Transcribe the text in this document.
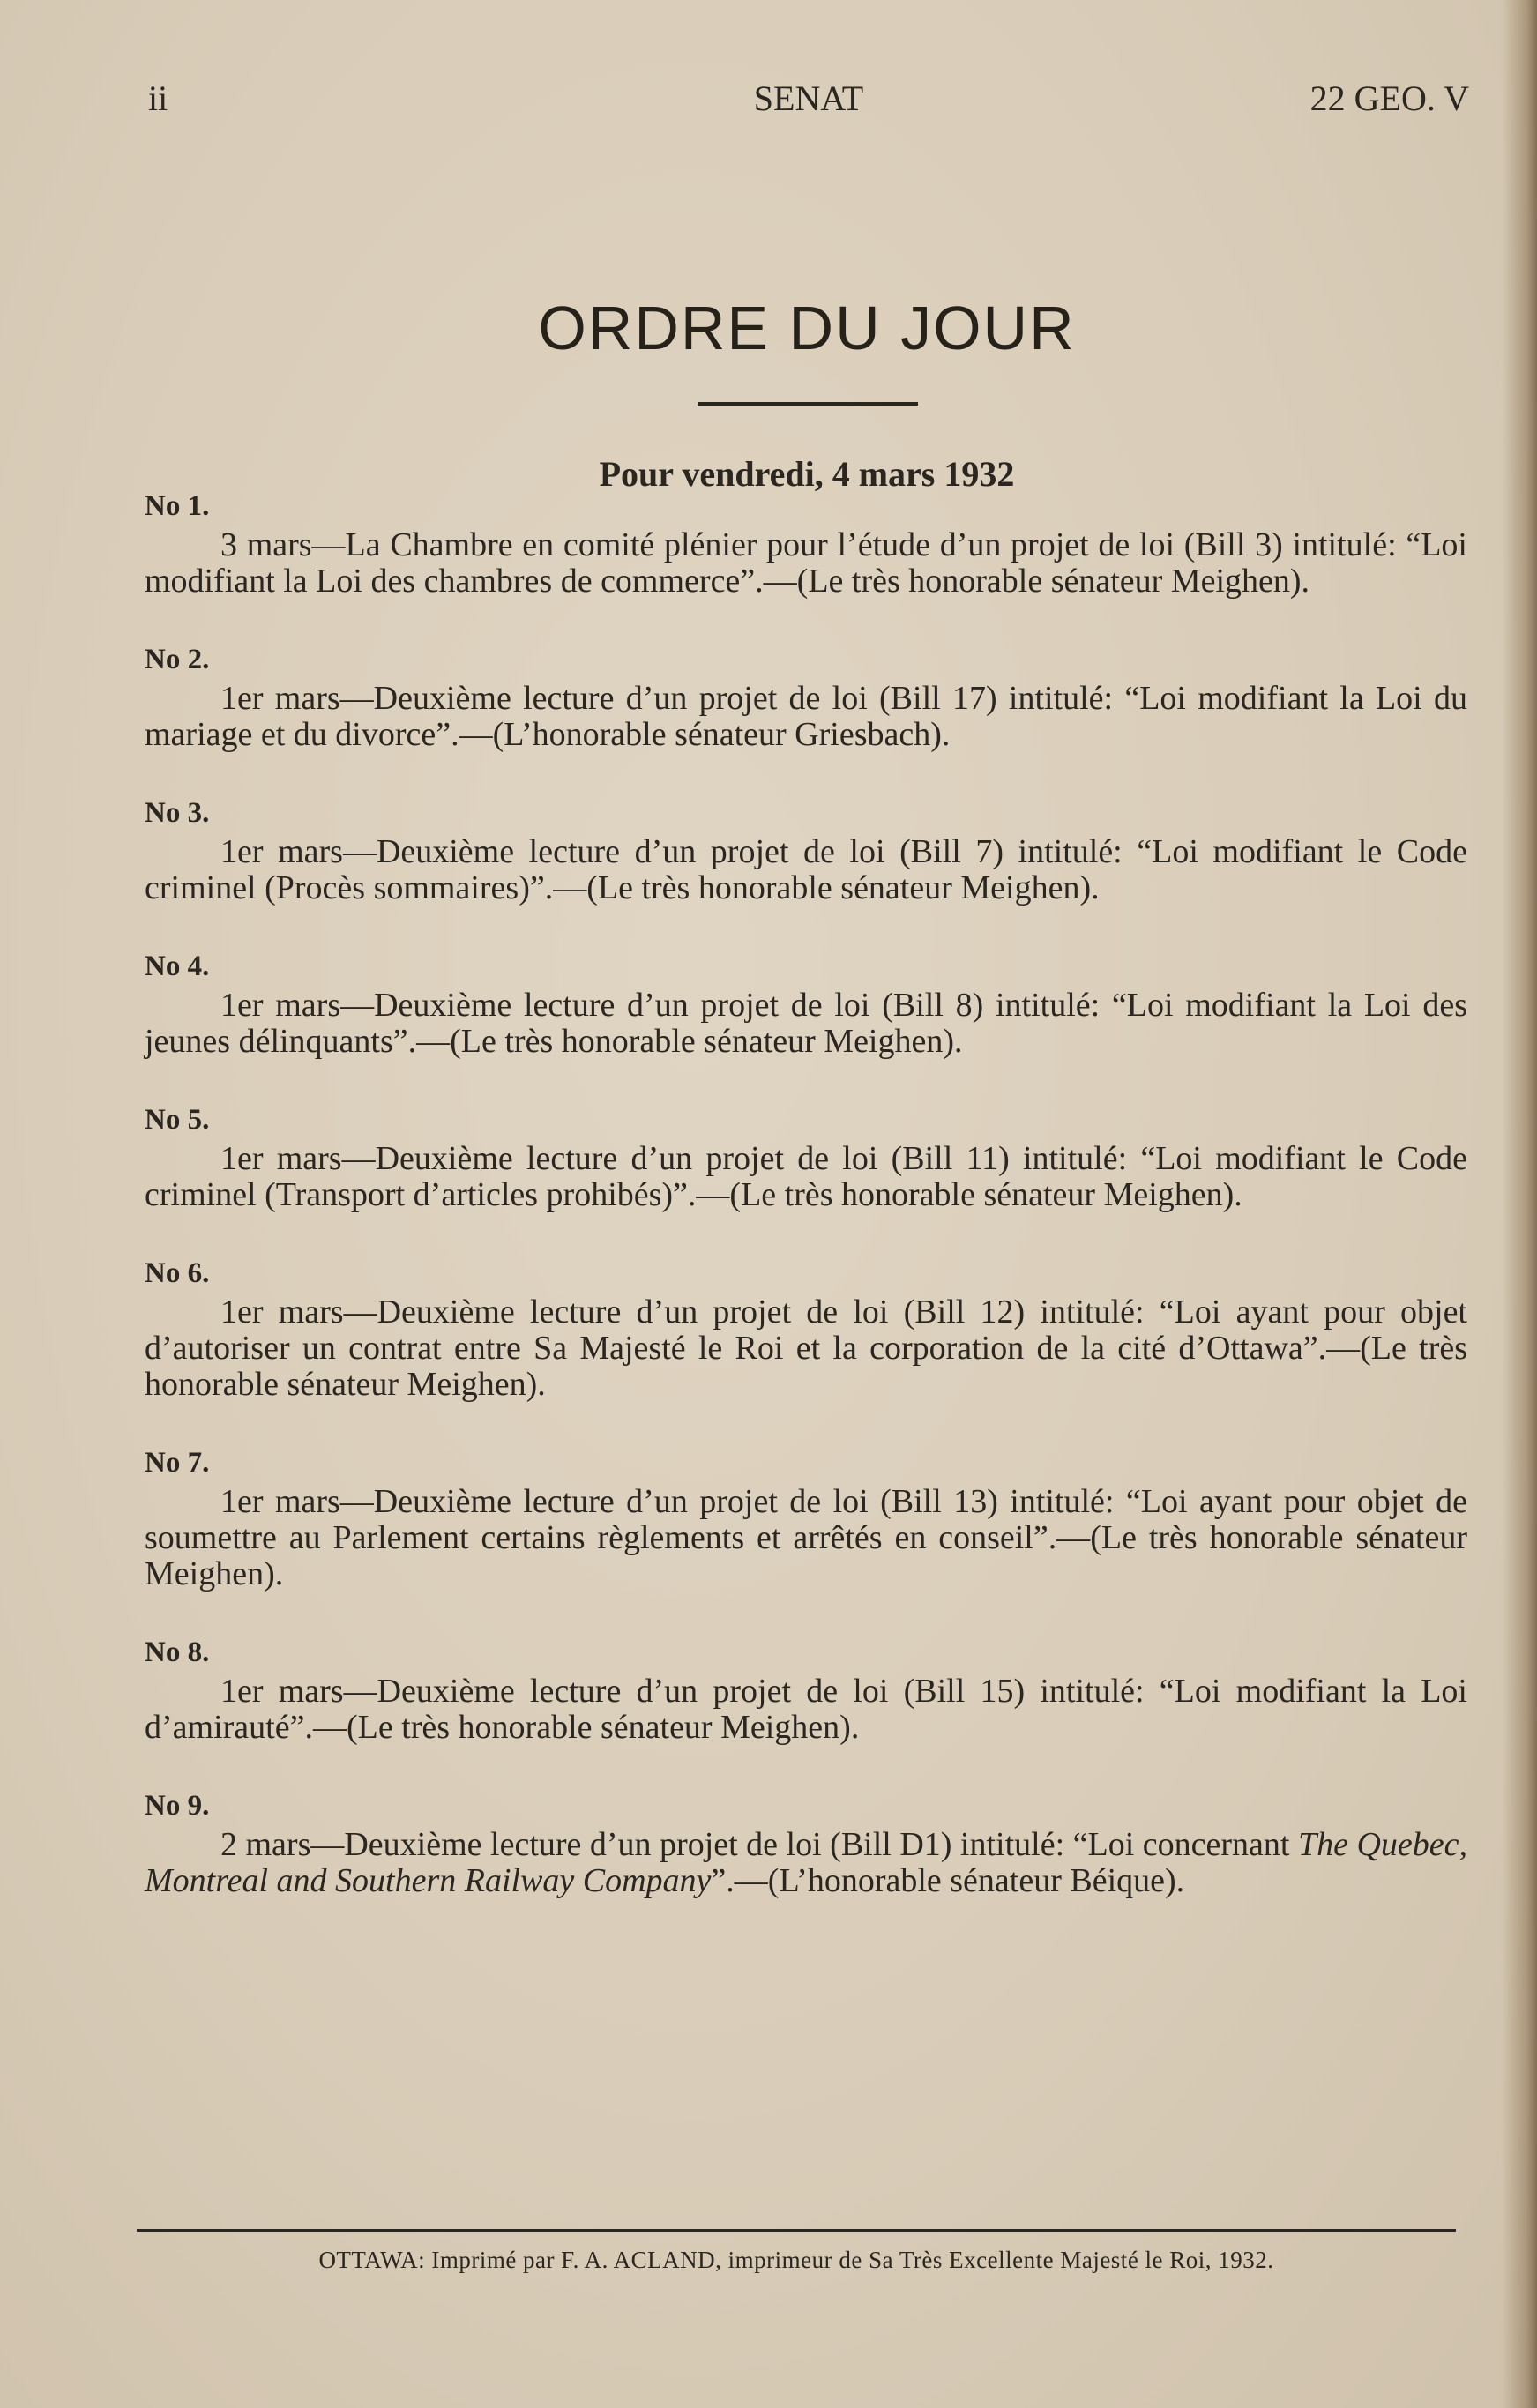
ii	SENAT	22 GEO. V
ORDRE DU JOUR
Pour vendredi, 4 mars 1932
No 1.

3 mars—La Chambre en comité plénier pour l’étude d’un projet de loi (Bill 3) intitulé: “Loi modifiant la Loi des chambres de commerce”.—(Le très honorable sénateur Meighen).

No 2.

1er mars—Deuxième lecture d’un projet de loi (Bill 17) intitulé: “Loi modifiant la Loi du mariage et du divorce”.—(L’honorable sénateur Griesbach).

No 3.

1er mars—Deuxième lecture d’un projet de loi (Bill 7) intitulé: “Loi modifiant le Code criminel (Procès sommaires)”.—(Le très honorable sénateur Meighen).

No 4.

1er mars—Deuxième lecture d’un projet de loi (Bill 8) intitulé: “Loi modifiant la Loi des jeunes délinquants”.—(Le très honorable sénateur Meighen).

No 5.

1er mars—Deuxième lecture d’un projet de loi (Bill 11) intitulé: “Loi modifiant le Code criminel (Transport d’articles prohibés)”.—(Le très honorable sénateur Meighen).

No 6.

1er mars—Deuxième lecture d’un projet de loi (Bill 12) intitulé: “Loi ayant pour objet d’autoriser un contrat entre Sa Majesté le Roi et la corporation de la cité d’Ottawa”.—(Le très honorable sénateur Meighen).

No 7.

1er mars—Deuxième lecture d’un projet de loi (Bill 13) intitulé: “Loi ayant pour objet de soumettre au Parlement certains règlements et arrêtés en conseil”.—(Le très honorable sénateur Meighen).

No 8.

1er mars—Deuxième lecture d’un projet de loi (Bill 15) intitulé: “Loi modifiant la Loi d’amirauté”.—(Le très honorable sénateur Meighen).

No 9.

2 mars—Deuxième lecture d’un projet de loi (Bill D1) intitulé: “Loi concernant The Quebec, Montreal and Southern Railway Company”.—(L’honorable sénateur Béique).

OTTAWA: Imprimé par F. A. ACLAND, imprimeur de Sa Très Excellente Majesté le Roi, 1932.
